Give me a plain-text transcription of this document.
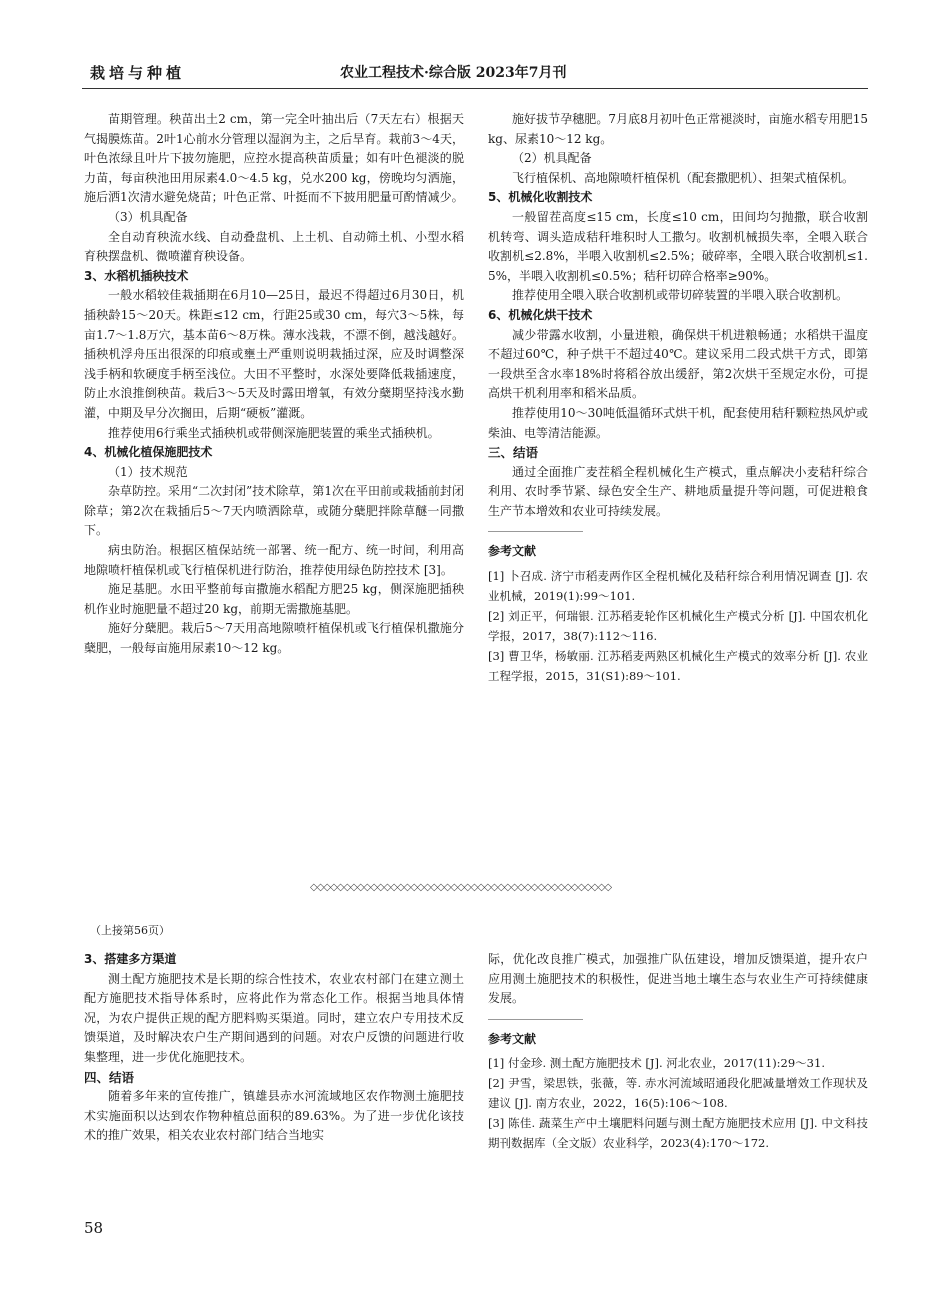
栽培与种植	农业工程技术·综合版 2023年7月刊

苗期管理。秧苗出土2 cm，第一完全叶抽出后（7天左右）根据天气揭膜炼苗。2叶1心前水分管理以湿润为主，之后旱育。栽前3～4天，叶色浓绿且叶片下披勿施肥，应控水提高秧苗质量；如有叶色褪淡的脱力苗，每亩秧池田用尿素4.0～4.5 kg，兑水200 kg，傍晚均匀洒施，施后洒1次清水避免烧苗；叶色正常、叶挺而不下披用肥量可酌情减少。

（3）机具配备

全自动育秧流水线、自动叠盘机、上土机、自动筛土机、小型水稻育秧摆盘机、微喷灌育秧设备。

3、水稻机插秧技术

一般水稻较佳栽插期在6月10—25日，最迟不得超过6月30日，机插秧龄15～20天。株距≤12 cm，行距25或30 cm，每穴3～5株，每亩1.7～1.8万穴，基本苗6～8万株。薄水浅栽，不漂不倒，越浅越好。插秧机浮舟压出很深的印痕或壅土严重则说明栽插过深，应及时调整深浅手柄和软硬度手柄至浅位。大田不平整时，水深处要降低栽插速度，防止水浪推倒秧苗。栽后3～5天及时露田增氧，有效分蘖期坚持浅水勤灌，中期及早分次搁田，后期“硬板”灌溉。

推荐使用6行乘坐式插秧机或带侧深施肥装置的乘坐式插秧机。

4、机械化植保施肥技术

（1）技术规范

杂草防控。采用“二次封闭”技术除草，第1次在平田前或栽插前封闭除草；第2次在栽插后5～7天内喷洒除草，或随分蘖肥拌除草醚一同撒下。

病虫防治。根据区植保站统一部署、统一配方、统一时间，利用高地隙喷杆植保机或飞行植保机进行防治，推荐使用绿色防控技术 [3]。

施足基肥。水田平整前每亩撒施水稻配方肥25 kg，侧深施肥插秧机作业时施肥量不超过20 kg，前期无需撒施基肥。

施好分蘖肥。栽后5～7天用高地隙喷杆植保机或飞行植保机撒施分蘖肥，一般每亩施用尿素10～12 kg。

施好拔节孕穗肥。7月底8月初叶色正常褪淡时，亩施水稻专用肥15 kg、尿素10～12 kg。

（2）机具配备

飞行植保机、高地隙喷杆植保机（配套撒肥机）、担架式植保机。

5、机械化收割技术

一般留茬高度≤15 cm，长度≤10 cm，田间均匀抛撒，联合收割机转弯、调头造成秸秆堆积时人工撒匀。收割机械损失率，全喂入联合收割机≤2.8%，半喂入收割机≤2.5%；破碎率，全喂入联合收割机≤1.5%，半喂入收割机≤0.5%；秸秆切碎合格率≥90%。

推荐使用全喂入联合收割机或带切碎装置的半喂入联合收割机。

6、机械化烘干技术

减少带露水收割，小量进粮，确保烘干机进粮畅通；水稻烘干温度不超过60℃，种子烘干不超过40℃。建议采用二段式烘干方式，即第一段烘至含水率18%时将稻谷放出缓舒，第2次烘干至规定水份，可提高烘干机利用率和稻米品质。

推荐使用10～30吨低温循环式烘干机，配套使用秸秆颗粒热风炉或柴油、电等清洁能源。

三、结语

通过全面推广麦茬稻全程机械化生产模式，重点解决小麦秸秆综合利用、农时季节紧、绿色安全生产、耕地质量提升等问题，可促进粮食生产节本增效和农业可持续发展。

参考文献

[1] 卜召成. 济宁市稻麦两作区全程机械化及秸秆综合利用情况调查 [J]. 农业机械，2019(1):99～101.

[2] 刘正平，何瑞银. 江苏稻麦轮作区机械化生产模式分析 [J]. 中国农机化学报，2017，38(7):112～116.

[3] 曹卫华，杨敏丽. 江苏稻麦两熟区机械化生产模式的效率分析 [J]. 农业工程学报，2015，31(S1):89～101.

◇◇◇◇◇◇◇◇◇◇◇◇◇◇◇◇◇◇◇◇◇◇◇◇◇◇◇◇◇◇◇◇◇◇◇◇◇◇◇◇◇◇◇◇◇
（上接第56页）
3、搭建多方渠道

测土配方施肥技术是长期的综合性技术，农业农村部门在建立测土配方施肥技术指导体系时，应将此作为常态化工作。根据当地具体情况，为农户提供正规的配方肥料购买渠道。同时，建立农户专用技术反馈渠道，及时解决农户生产期间遇到的问题。对农户反馈的问题进行收集整理，进一步优化施肥技术。

四、结语

随着多年来的宣传推广，镇雄县赤水河流域地区农作物测土施肥技术实施面积以达到农作物种植总面积的89.63%。为了进一步优化该技术的推广效果，相关农业农村部门结合当地实

际，优化改良推广模式，加强推广队伍建设，增加反馈渠道，提升农户应用测土施肥技术的积极性，促进当地土壤生态与农业生产可持续健康发展。

参考文献

[1] 付金珍. 测土配方施肥技术 [J]. 河北农业，2017(11):29～31.

[2] 尹雪，梁思铁，张薇，等. 赤水河流域昭通段化肥减量增效工作现状及建议 [J]. 南方农业，2022，16(5):106～108.

[3] 陈佳. 蔬菜生产中土壤肥料问题与测土配方施肥技术应用 [J]. 中文科技期刊数据库（全文版）农业科学，2023(4):170～172.

58
